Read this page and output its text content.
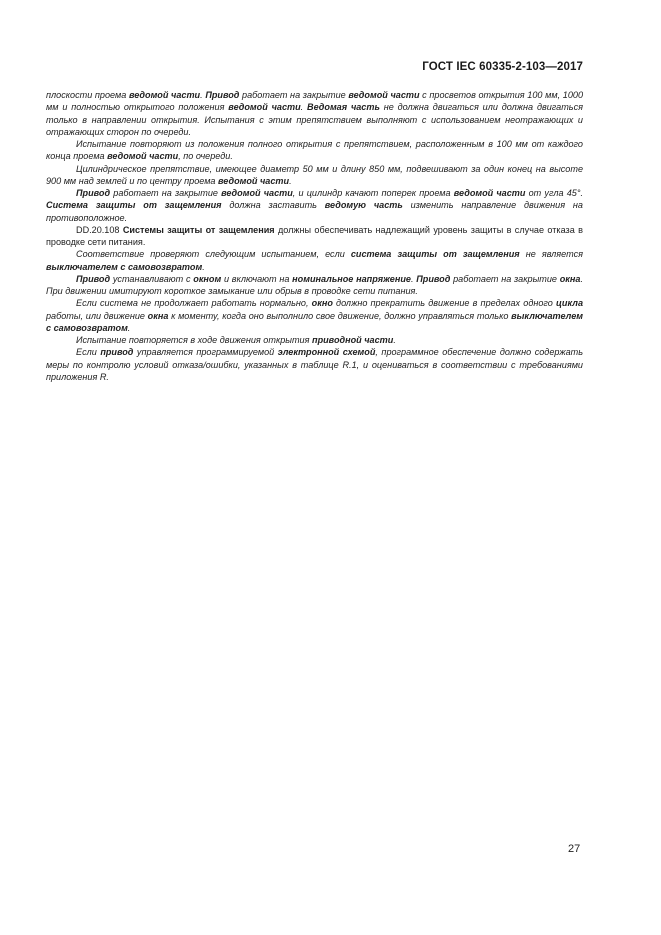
ГОСТ IEC 60335-2-103—2017

плоскости проема ведомой части. Привод работает на закрытие ведомой части с просветов открытия 100 мм, 1000 мм и полностью открытого положения ведомой части. Ведомая часть не должна двигаться или должна двигаться только в направлении открытия. Испытания с этим препятствием выполняют с использованием неотражающих и отражающих сторон по очереди.

Испытание повторяют из положения полного открытия с препятствием, расположенным в 100 мм от каждого конца проема ведомой части, по очереди.

Цилиндрическое препятствие, имеющее диаметр 50 мм и длину 850 мм, подвешивают за один конец на высоте 900 мм над землей и по центру проема ведомой части.

Привод работает на закрытие ведомой части, и цилиндр качают поперек проема ведомой части от угла 45°. Система защиты от защемления должна заставить ведомую часть изменить направление движения на противоположное.

DD.20.108 Системы защиты от защемления должны обеспечивать надлежащий уровень защиты в случае отказа в проводке сети питания.

Соответствие проверяют следующим испытанием, если система защиты от защемления не является выключателем с самовозвратом.

Привод устанавливают с окном и включают на номинальное напряжение. Привод работает на закрытие окна. При движении имитируют короткое замыкание или обрыв в проводке сети питания.

Если система не продолжает работать нормально, окно должно прекратить движение в пределах одного цикла работы, или движение окна к моменту, когда оно выполнило свое движение, должно управляться только выключателем с самовозвратом.

Испытание повторяется в ходе движения открытия приводной части.

Если привод управляется программируемой электронной схемой, программное обеспечение должно содержать меры по контролю условий отказа/ошибки, указанных в таблице R.1, и оцениваться в соответствии с требованиями приложения R.

27
